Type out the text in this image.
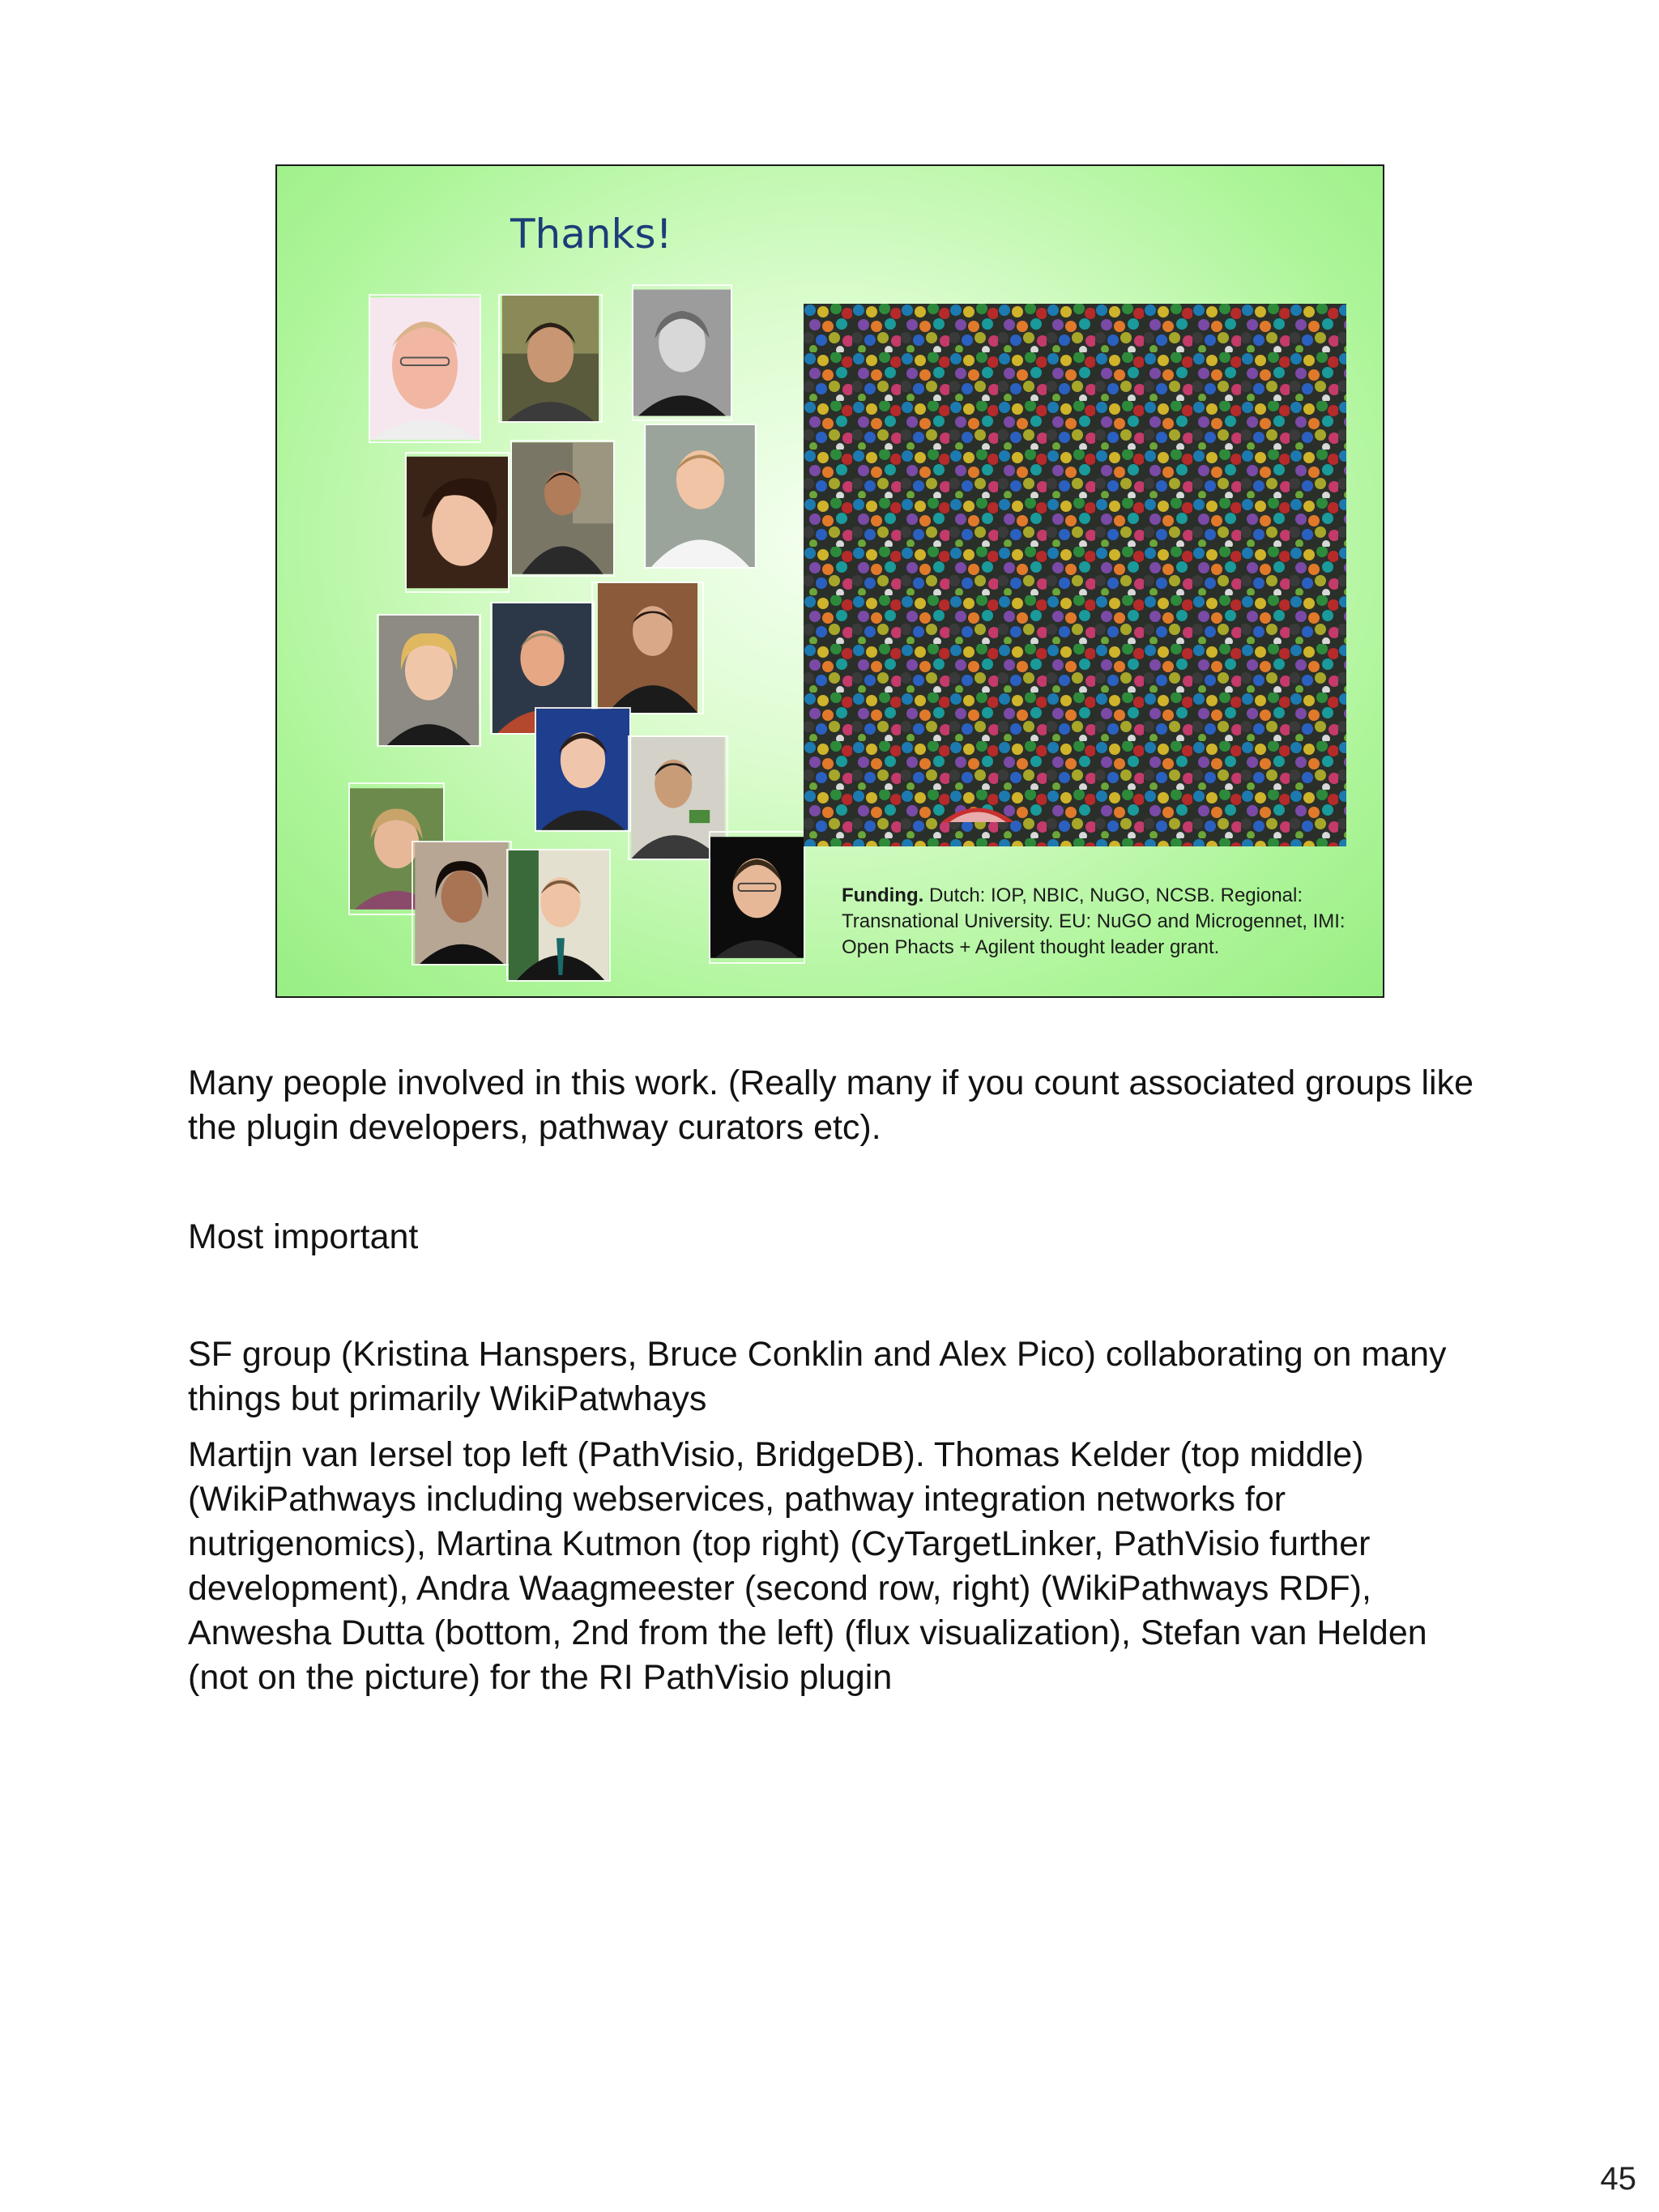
Thanks!
Funding. Dutch: IOP, NBIC, NuGO, NCSB. Regional: Transnational University. EU: NuGO and Microgennet, IMI: Open Phacts + Agilent thought leader grant.

Many people involved in this work. (Really many if you count associated groups like the plugin developers, pathway curators etc).

Most important

SF group (Kristina Hanspers, Bruce Conklin and Alex Pico) collaborating on many things but primarily WikiPatwhays

Martijn van Iersel top left (PathVisio, BridgeDB). Thomas Kelder (top middle) (WikiPathways including webservices, pathway integration networks for nutrigenomics), Martina Kutmon (top right) (CyTargetLinker, PathVisio further development), Andra Waagmeester (second row, right) (WikiPathways RDF), Anwesha Dutta (bottom, 2nd from the left) (flux visualization), Stefan van Helden (not on the picture) for the RI PathVisio plugin

45
